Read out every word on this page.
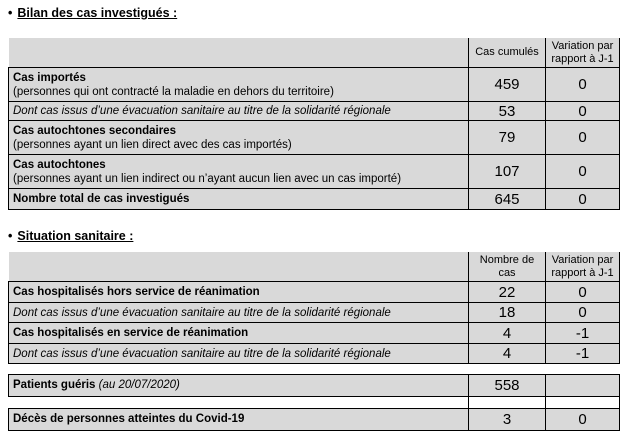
• Bilan des cas investigués :
	Cas cumulés	Variation par rapport à J-1
Cas importés
(personnes qui ont contracté la maladie en dehors du territoire)	459	0
Dont cas issus d’une évacuation sanitaire au titre de la solidarité régionale	53	0
Cas autochtones secondaires
(personnes ayant un lien direct avec des cas importés)	79	0
Cas autochtones
(personnes ayant un lien indirect ou n’ayant aucun lien avec un cas importé)	107	0
Nombre total de cas investigués	645	0
• Situation sanitaire :
	Nombre de cas	Variation par rapport à J-1
Cas hospitalisés hors service de réanimation	22	0
Dont cas issus d’une évacuation sanitaire au titre de la solidarité régionale	18	0
Cas hospitalisés en service de réanimation	4	-1
Dont cas issus d’une évacuation sanitaire au titre de la solidarité régionale	4	-1
Patients guéris (au 20/07/2020)	558	

Décès de personnes atteintes du Covid-19	3	0
